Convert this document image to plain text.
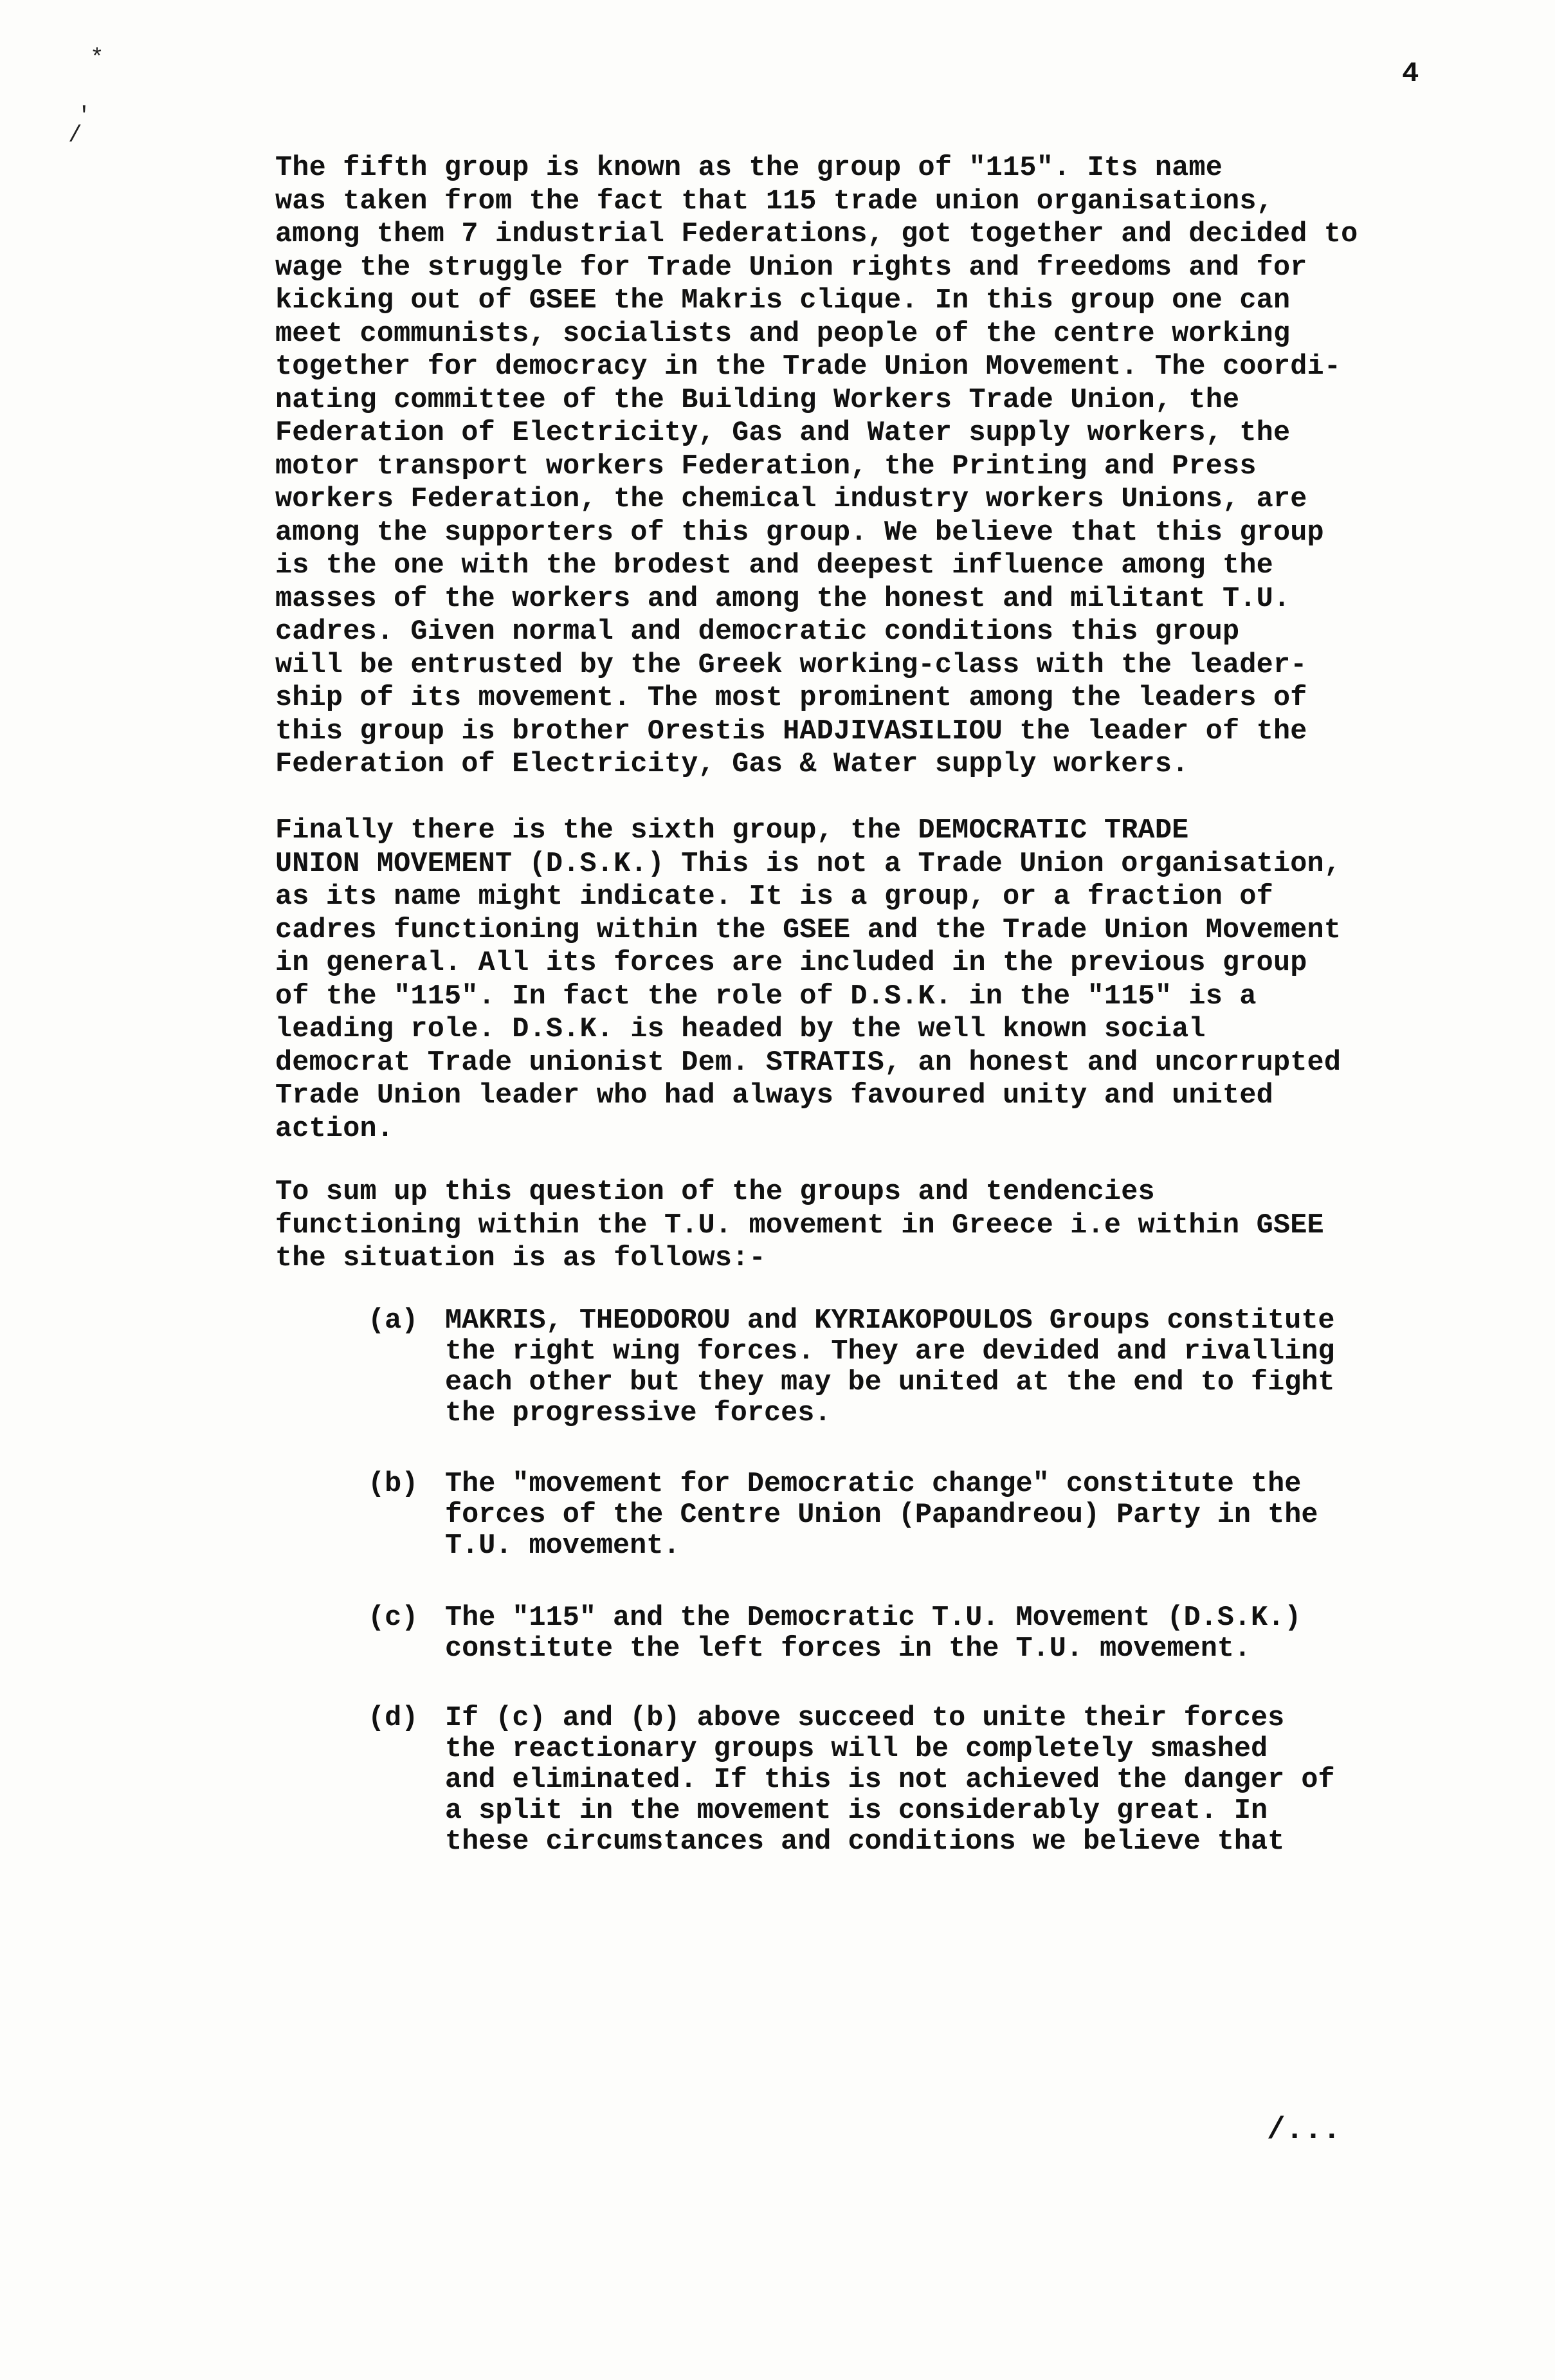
*
'
/
4
The fifth group is known as the group of "115". Its name
was taken from the fact that 115 trade union organisations,
among them 7 industrial Federations, got together and decided to
wage the struggle for Trade Union rights and freedoms and for
kicking out of GSEE the Makris clique. In this group one can
meet communists, socialists and people of the centre working
together for democracy in the Trade Union Movement. The coordi-
nating committee of the Building Workers Trade Union, the
Federation of Electricity, Gas and Water supply workers, the
motor transport workers Federation, the Printing and Press
workers Federation, the chemical industry workers Unions, are
among the supporters of this group. We believe that this group
is the one with the brodest and deepest influence among the
masses of the workers and among the honest and militant T.U.
cadres. Given normal and democratic conditions this group
will be entrusted by the Greek working-class with the leader-
ship of its movement. The most prominent among the leaders of
this group is brother Orestis HADJIVASILIOU the leader of the
Federation of Electricity, Gas & Water supply workers.
Finally there is the sixth group, the DEMOCRATIC TRADE
UNION MOVEMENT (D.S.K.) This is not a Trade Union organisation,
as its name might indicate. It is a group, or a fraction of
cadres functioning within the GSEE and the Trade Union Movement
in general. All its forces are included in the previous group
of the "115". In fact the role of D.S.K. in the "115" is a
leading role. D.S.K. is headed by the well known social
democrat Trade unionist Dem. STRATIS, an honest and uncorrupted
Trade Union leader who had always favoured unity and united
action.
To sum up this question of the groups and tendencies
functioning within the T.U. movement in Greece i.e within GSEE
the situation is as follows:-

(a)

MAKRIS, THEODOROU and KYRIAKOPOULOS Groups constitute
the right wing forces. They are devided and rivalling
each other but they may be united at the end to fight
the progressive forces.

(b)

The "movement for Democratic change" constitute the
forces of the Centre Union (Papandreou) Party in the
T.U. movement.

(c)

The "115" and the Democratic T.U. Movement (D.S.K.)
constitute the left forces in the T.U. movement.

(d)

If (c) and (b) above succeed to unite their forces
the reactionary groups will be completely smashed
and eliminated. If this is not achieved the danger of
a split in the movement is considerably great. In
these circumstances and conditions we believe that

/...
